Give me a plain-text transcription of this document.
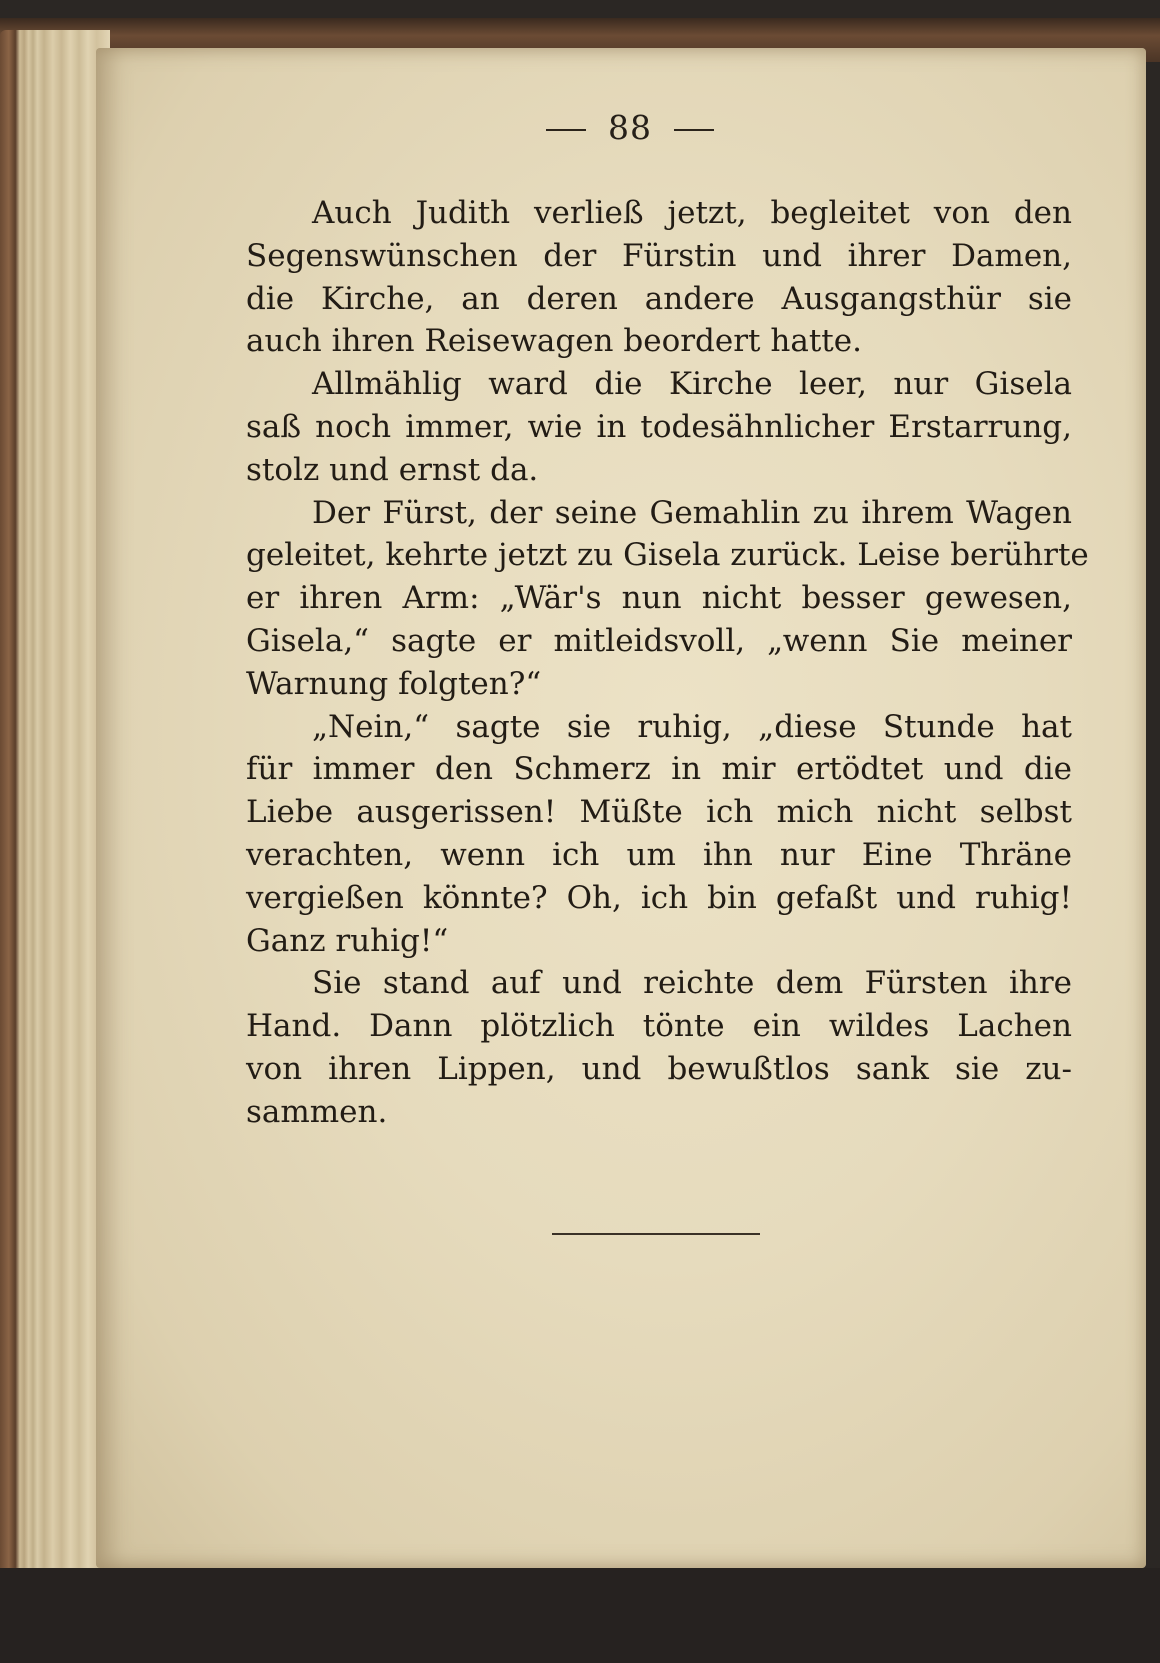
88
Auch Judith verließ jetzt, begleitet von den
Segenswünschen der Fürstin und ihrer Damen,
die Kirche, an deren andere Ausgangsthür sie
auch ihren Reisewagen beordert hatte.
Allmählig ward die Kirche leer, nur Gisela
saß noch immer, wie in todesähnlicher Erstarrung,
stolz und ernst da.
Der Fürst, der seine Gemahlin zu ihrem Wagen
geleitet, kehrte jetzt zu Gisela zurück. Leise berührte
er ihren Arm: „Wär's nun nicht besser gewesen,
Gisela,“ sagte er mitleidsvoll, „wenn Sie meiner
Warnung folgten?“
„Nein,“ sagte sie ruhig, „diese Stunde hat
für immer den Schmerz in mir ertödtet und die
Liebe ausgerissen! Müßte ich mich nicht selbst
verachten, wenn ich um ihn nur Eine Thräne
vergießen könnte? Oh, ich bin gefaßt und ruhig!
Ganz ruhig!“
Sie stand auf und reichte dem Fürsten ihre
Hand. Dann plötzlich tönte ein wildes Lachen
von ihren Lippen, und bewußtlos sank sie zu-
sammen.
